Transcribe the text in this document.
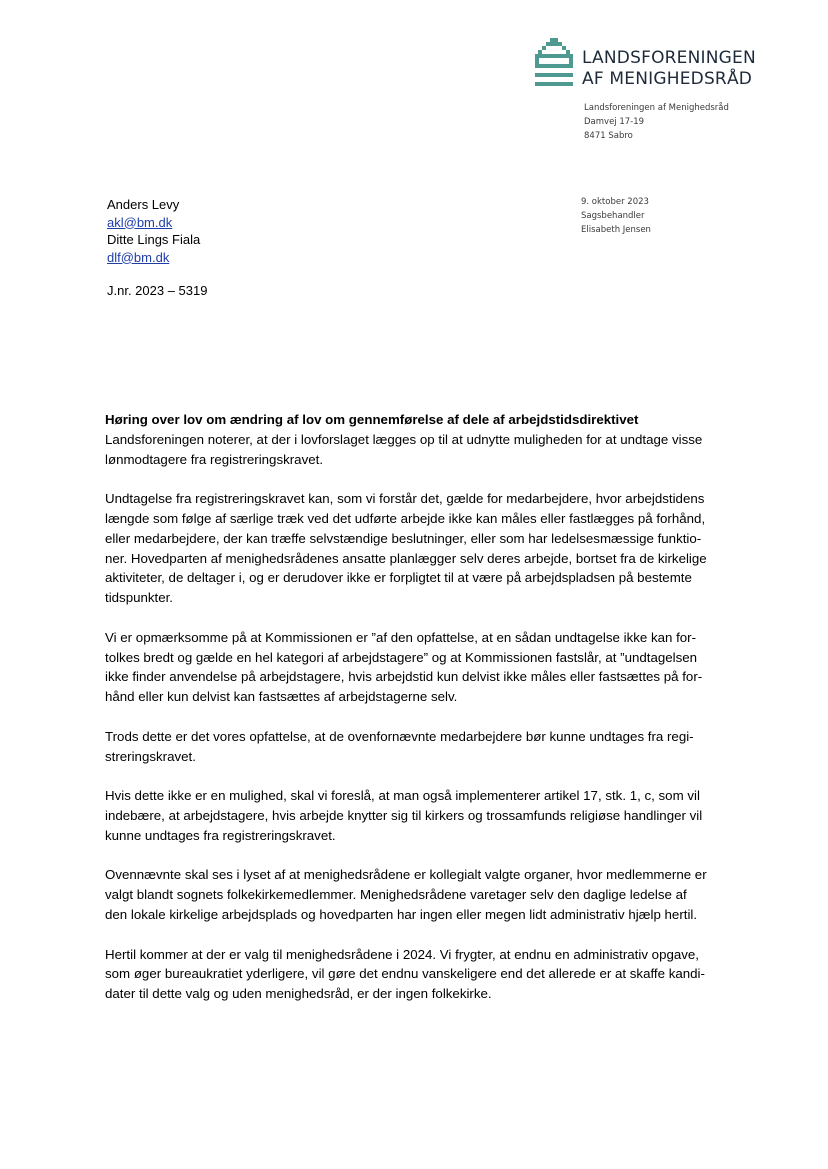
LANDSFORENINGEN
AF MENIGHEDSRÅD
Landsforeningen af Menighedsråd
Damvej 17-19
8471 Sabro
9. oktober 2023
Sagsbehandler
Elisabeth Jensen
Anders Levy
akl@bm.dk
Ditte Lings Fiala
dlf@bm.dk
J.nr. 2023 – 5319
Høring over lov om ændring af lov om gennemførelse af dele af arbejdstidsdirektivet
Landsforeningen noterer, at der i lovforslaget lægges op til at udnytte muligheden for at undtage visse
lønmodtagere fra registreringskravet.
Undtagelse fra registreringskravet kan, som vi forstår det, gælde for medarbejdere, hvor arbejdstidens
længde som følge af særlige træk ved det udførte arbejde ikke kan måles eller fastlægges på forhånd,
eller medarbejdere, der kan træffe selvstændige beslutninger, eller som har ledelsesmæssige funktio-
ner. Hovedparten af menighedsrådenes ansatte planlægger selv deres arbejde, bortset fra de kirkelige
aktiviteter, de deltager i, og er derudover ikke er forpligtet til at være på arbejdspladsen på bestemte
tidspunkter.
Vi er opmærksomme på at Kommissionen er ”af den opfattelse, at en sådan undtagelse ikke kan for-
tolkes bredt og gælde en hel kategori af arbejdstagere” og at Kommissionen fastslår, at ”undtagelsen
ikke finder anvendelse på arbejdstagere, hvis arbejdstid kun delvist ikke måles eller fastsættes på for-
hånd eller kun delvist kan fastsættes af arbejdstagerne selv.
Trods dette er det vores opfattelse, at de ovenfornævnte medarbejdere bør kunne undtages fra regi-
streringskravet.
Hvis dette ikke er en mulighed, skal vi foreslå, at man også implementerer artikel 17, stk. 1, c, som vil
indebære, at arbejdstagere, hvis arbejde knytter sig til kirkers og trossamfunds religiøse handlinger vil
kunne undtages fra registreringskravet.
Ovennævnte skal ses i lyset af at menighedsrådene er kollegialt valgte organer, hvor medlemmerne er
valgt blandt sognets folkekirkemedlemmer. Menighedsrådene varetager selv den daglige ledelse af
den lokale kirkelige arbejdsplads og hovedparten har ingen eller megen lidt administrativ hjælp hertil.
Hertil kommer at der er valg til menighedsrådene i 2024. Vi frygter, at endnu en administrativ opgave,
som øger bureaukratiet yderligere, vil gøre det endnu vanskeligere end det allerede er at skaffe kandi-
dater til dette valg og uden menighedsråd, er der ingen folkekirke.
